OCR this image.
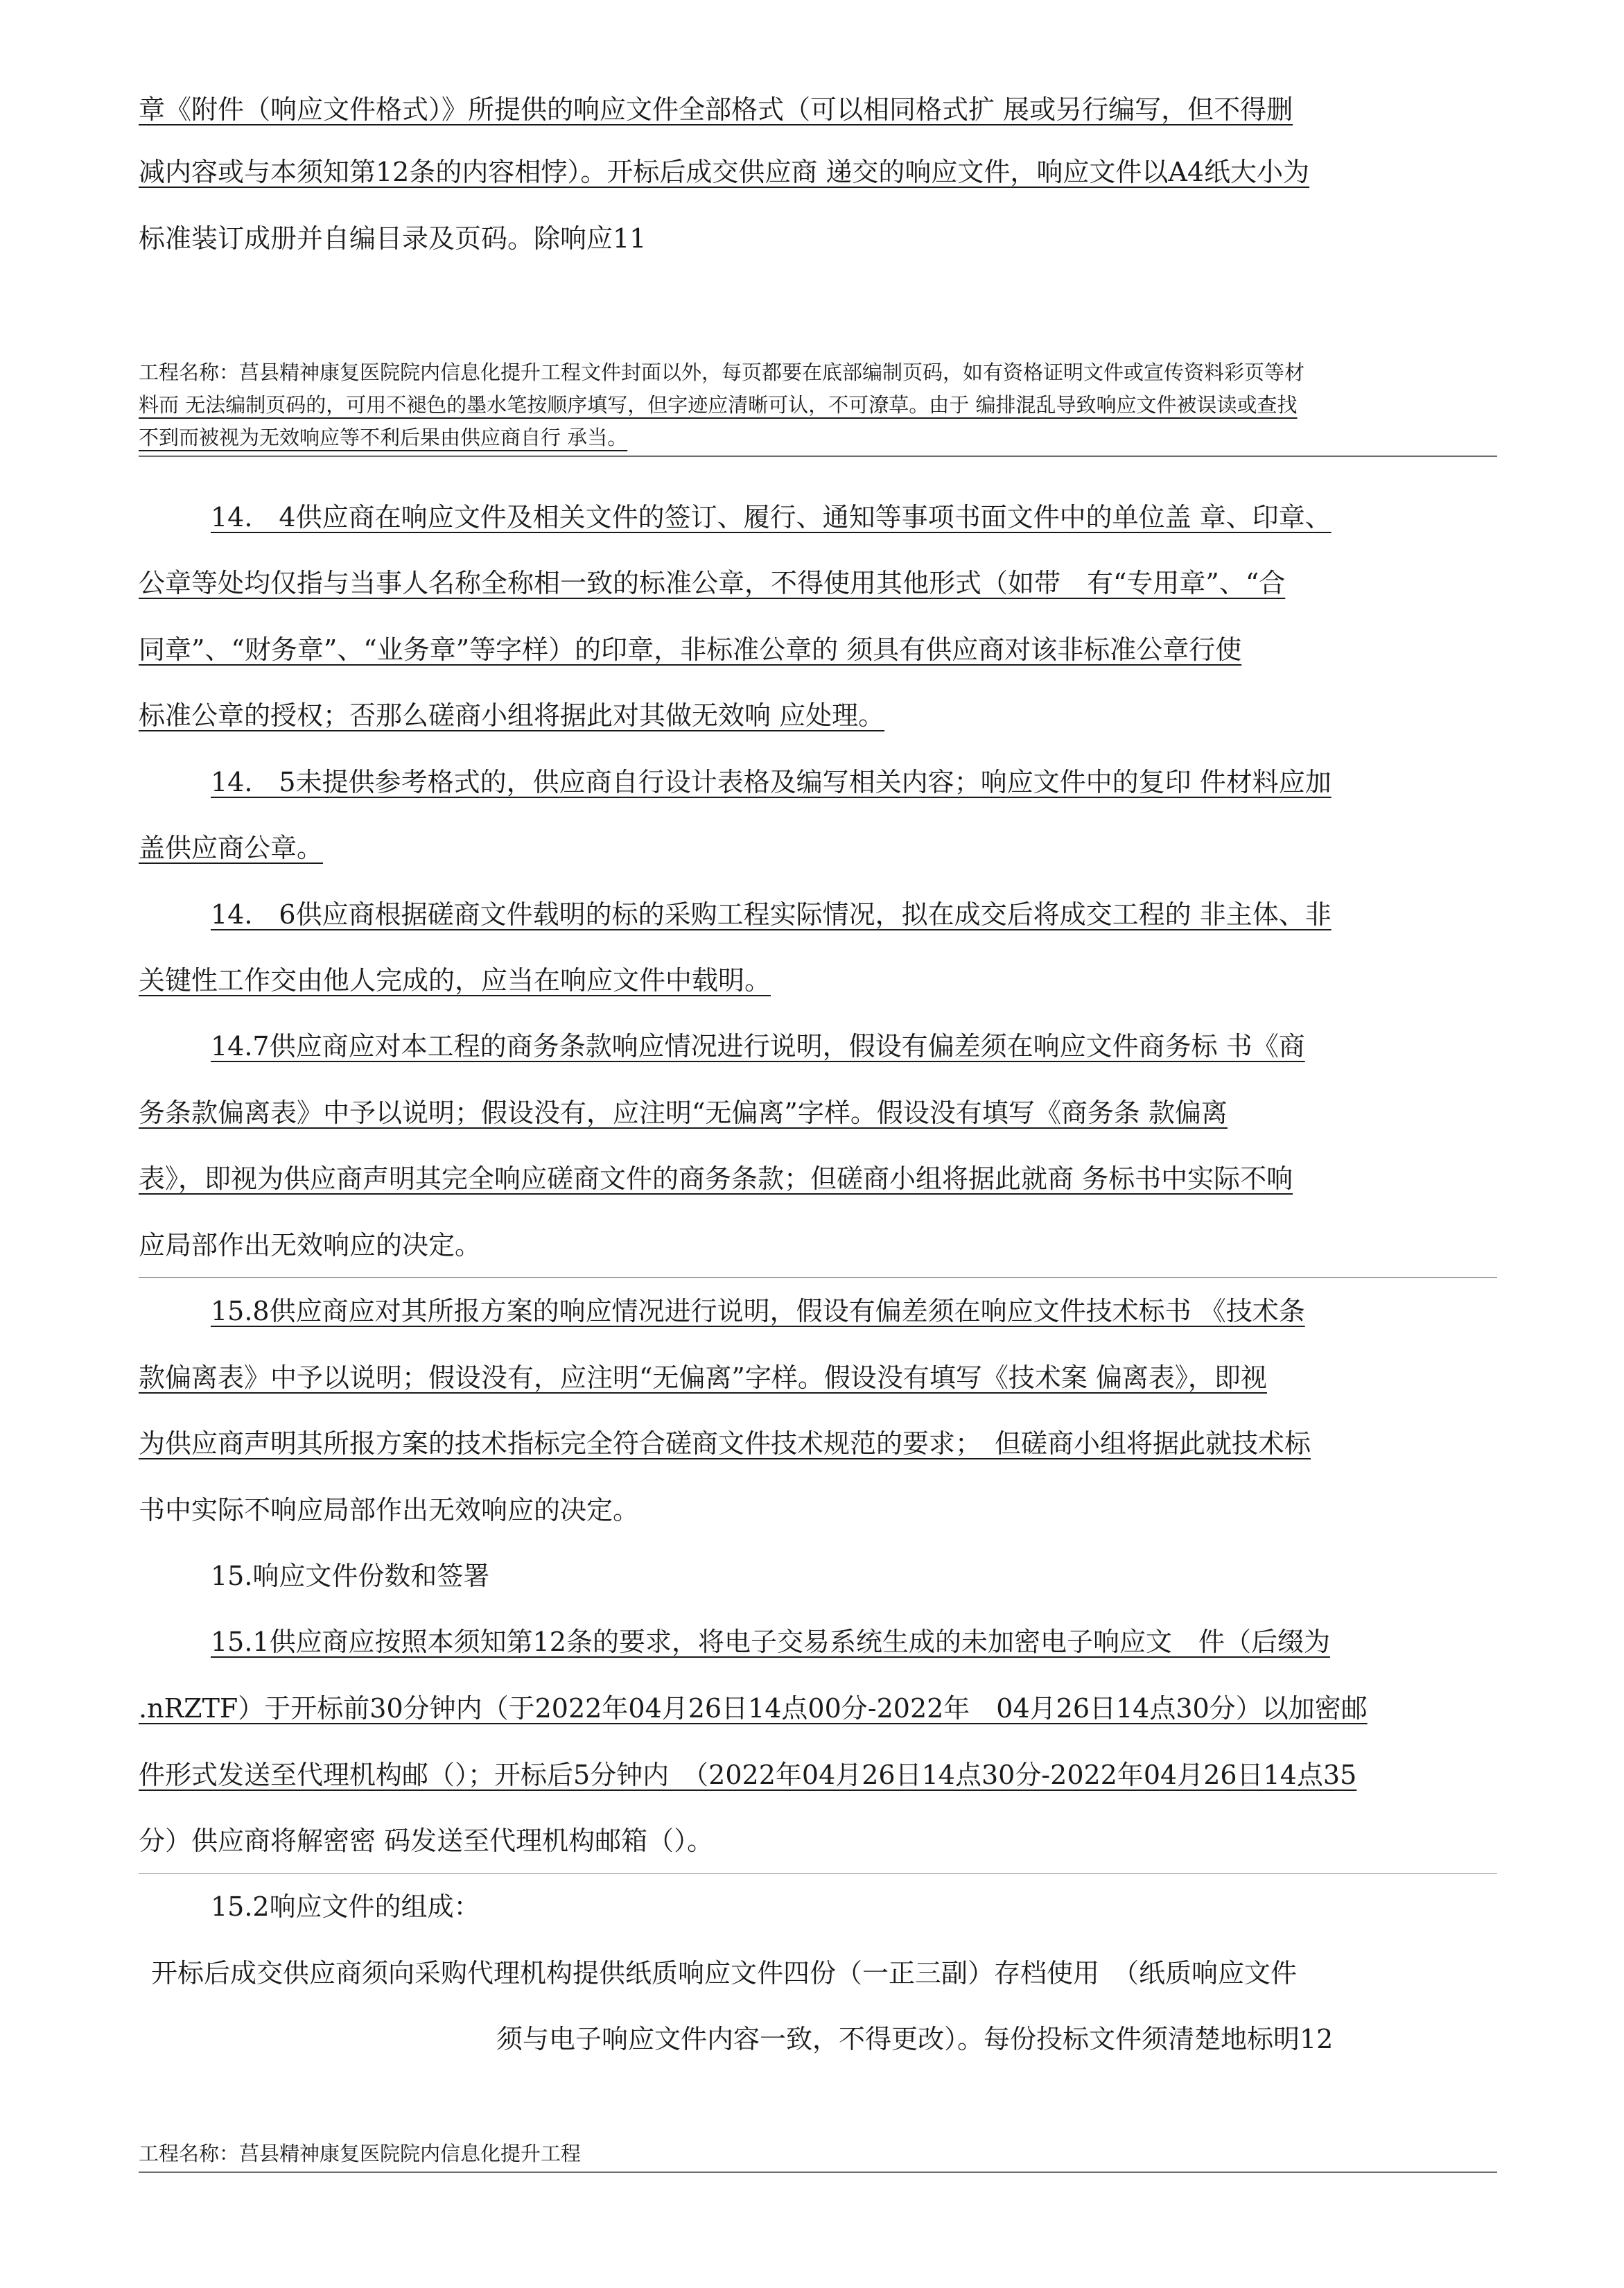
章《附件（响应文件格式）》所提供的响应文件全部格式（可以相同格式扩 展或另行编写，但不得删
减内容或与本须知第12条的内容相悖）。开标后成交供应商 递交的响应文件，响应文件以A4纸大小为
标准装订成册并自编目录及页码。除响应11
工程名称：莒县精神康复医院院内信息化提升工程文件封面以外，每页都要在底部编制页码，如有资格证明文件或宣传资料彩页等材
料而 无法编制页码的，可用不褪色的墨水笔按顺序填写，但字迹应清晰可认，不可潦草。由于 编排混乱导致响应文件被误读或查找
不到而被视为无效响应等不利后果由供应商自行 承当。
14.　4供应商在响应文件及相关文件的签订、履行、通知等事项书面文件中的单位盖 章、印章、
公章等处均仅指与当事人名称全称相一致的标准公章，不得使用其他形式（如带　有“专用章”、“合
同章”、“财务章”、“业务章”等字样）的印章，非标准公章的 须具有供应商对该非标准公章行使
标准公章的授权；否那么磋商小组将据此对其做无效响 应处理。
14.　5未提供参考格式的，供应商自行设计表格及编写相关内容；响应文件中的复印 件材料应加
盖供应商公章。
14.　6供应商根据磋商文件载明的标的采购工程实际情况，拟在成交后将成交工程的 非主体、非
关键性工作交由他人完成的，应当在响应文件中载明。
14.7供应商应对本工程的商务条款响应情况进行说明，假设有偏差须在响应文件商务标 书《商
务条款偏离表》中予以说明；假设没有，应注明“无偏离”字样。假设没有填写《商务条 款偏离
表》，即视为供应商声明其完全响应磋商文件的商务条款；但磋商小组将据此就商 务标书中实际不响
应局部作出无效响应的决定。
15.8供应商应对其所报方案的响应情况进行说明，假设有偏差须在响应文件技术标书 《技术条
款偏离表》中予以说明；假设没有，应注明“无偏离”字样。假设没有填写《技术案 偏离表》，即视
为供应商声明其所报方案的技术指标完全符合磋商文件技术规范的要求；　但磋商小组将据此就技术标
书中实际不响应局部作出无效响应的决定。
15.响应文件份数和签署
15.1供应商应按照本须知第12条的要求，将电子交易系统生成的未加密电子响应文　件（后缀为
.nRZTF）于开标前30分钟内（于2022年04月26日14点00分-2022年　04月26日14点30分）以加密邮
件形式发送至代理机构邮（）；开标后5分钟内　（2022年04月26日14点30分-2022年04月26日14点35
分）供应商将解密密 码发送至代理机构邮箱（）。
15.2响应文件的组成：
开标后成交供应商须向采购代理机构提供纸质响应文件四份（一正三副）存档使用　（纸质响应文件
须与电子响应文件内容一致，不得更改）。每份投标文件须清楚地标明12
工程名称：莒县精神康复医院院内信息化提升工程
